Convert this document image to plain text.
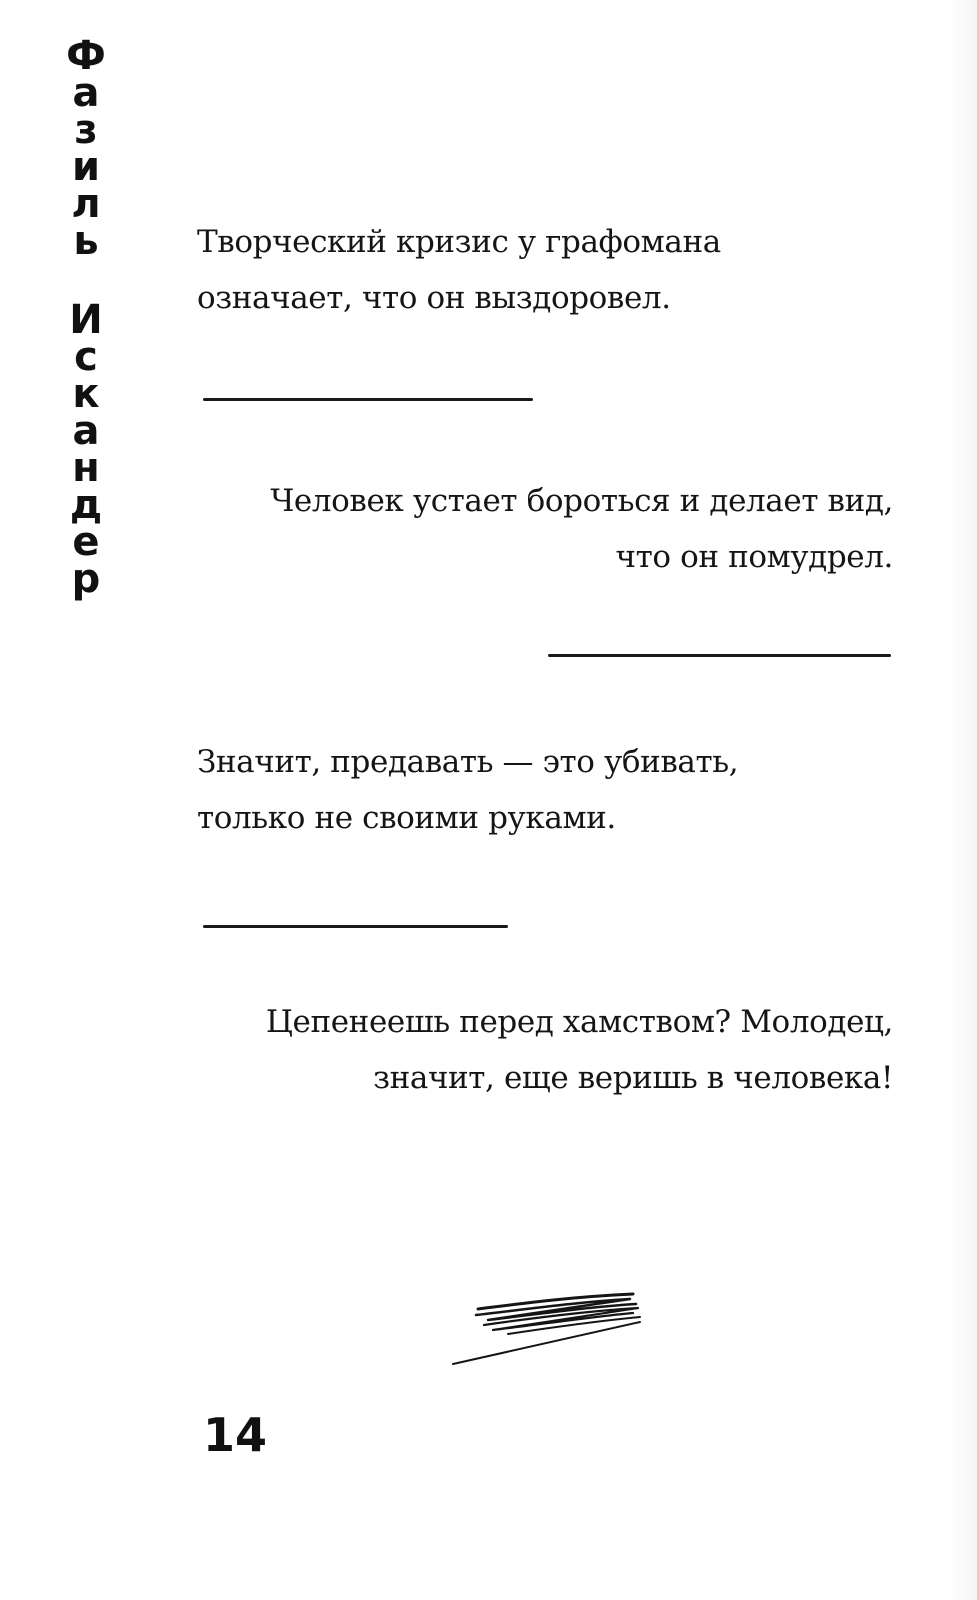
Ф
а
з
и
л
ь
И
с
к
а
н
д
е
р
Творческий кризис у графомана
означает, что он выздоровел.
Человек устает бороться и делает вид,
что он помудрел.
Значит, предавать — это убивать,
только не своими руками.
Цепенеешь перед хамством? Молодец,
значит, еще веришь в человека!
14
